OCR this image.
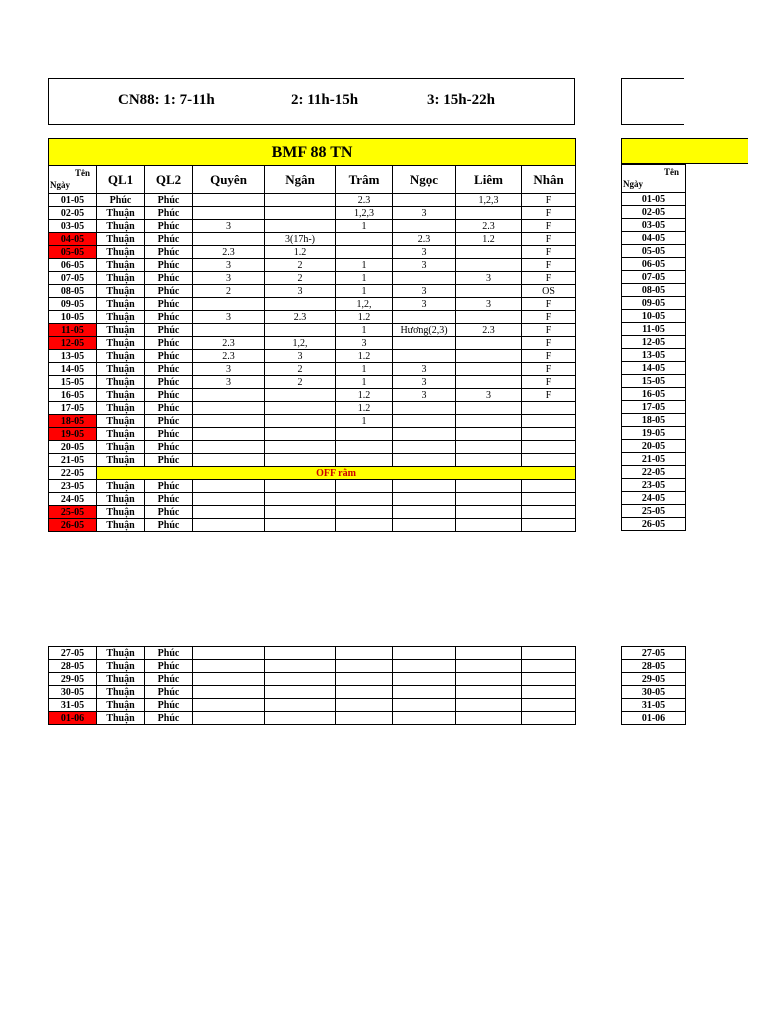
CN88: 1: 7-11h	2: 11h-15h	3: 15h-22h
BMF 88 TN								

Tên
Ngày	QL1	QL2	Quyên	Ngân	Trâm	Ngọc	Liêm	Nhân
01-05	Phúc	Phúc			2.3		1,2,3	F
02-05	Thuận	Phúc			1,2,3	3		F
03-05	Thuận	Phúc	3		1		2.3	F
04-05	Thuận	Phúc		3(17h-)		2.3	1.2	F
05-05	Thuận	Phúc	2.3	1.2		3		F
06-05	Thuận	Phúc	3	2	1	3		F
07-05	Thuận	Phúc	3	2	1		3	F
08-05	Thuận	Phúc	2	3	1	3		OS
09-05	Thuận	Phúc			1,2,	3	3	F
10-05	Thuận	Phúc	3	2.3	1.2			F
11-05	Thuận	Phúc			1	Hương(2,3)	2.3	F
12-05	Thuận	Phúc	2.3	1,2,	3			F
13-05	Thuận	Phúc	2.3	3	1.2			F
14-05	Thuận	Phúc	3	2	1	3		F
15-05	Thuận	Phúc	3	2	1	3		F
16-05	Thuận	Phúc			1.2	3	3	F
17-05	Thuận	Phúc			1.2			
18-05	Thuận	Phúc			1			
19-05	Thuận	Phúc						
20-05	Thuận	Phúc						
21-05	Thuận	Phúc						
22-05	OFF rằm							
23-05	Thuận	Phúc						
24-05	Thuận	Phúc						
25-05	Thuận	Phúc						
26-05	Thuận	Phúc						
27-05	Thuận	Phúc						
28-05	Thuận	Phúc						
29-05	Thuận	Phúc						
30-05	Thuận	Phúc						
31-05	Thuận	Phúc						
01-06	Thuận	Phúc						
Tên
Ngày

01-05
02-05
03-05
04-05
05-05
06-05
07-05
08-05
09-05
10-05
11-05
12-05
13-05
14-05
15-05
16-05
17-05
18-05
19-05
20-05
21-05
22-05
23-05
24-05
25-05
26-05
27-05
28-05
29-05
30-05
31-05
01-06
